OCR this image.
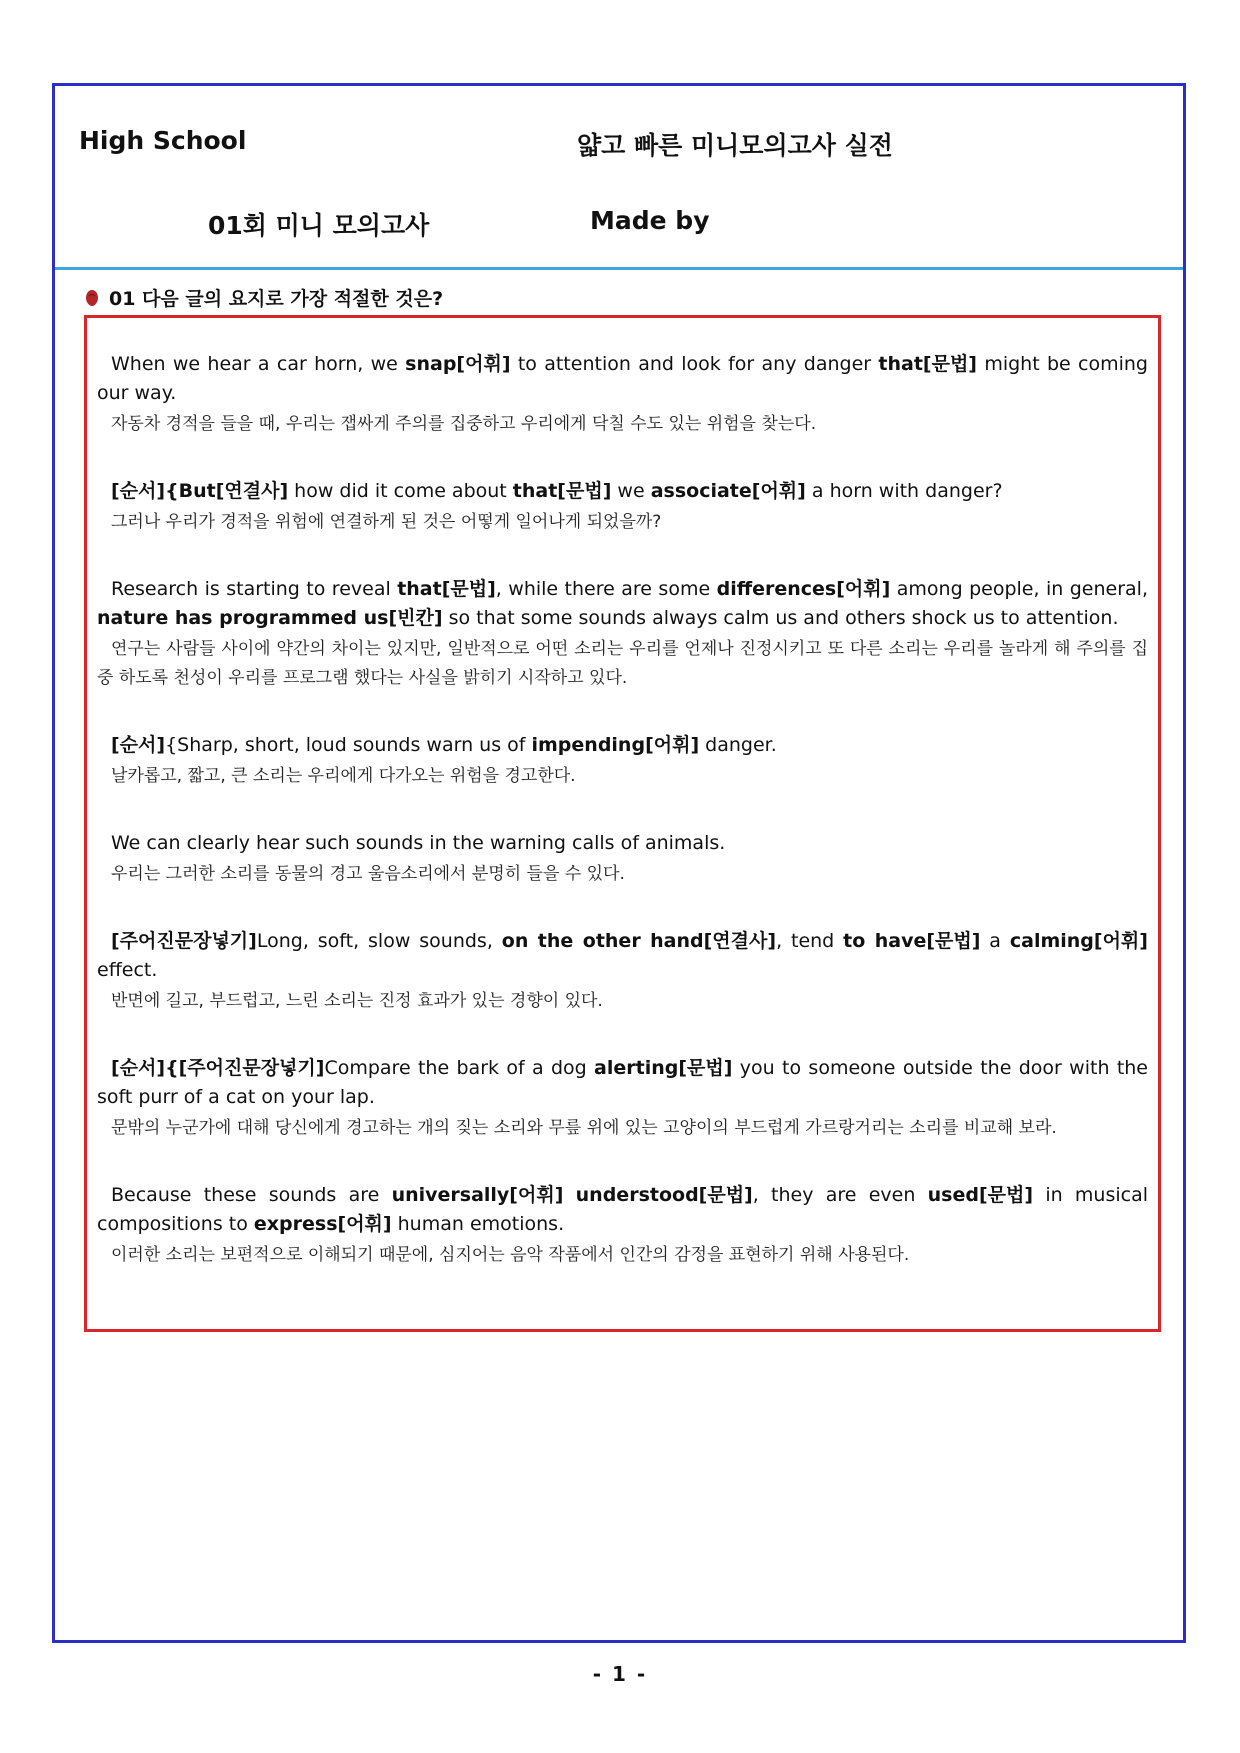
High School	얇고 빠른 미니모의고사 실전
01회 미니 모의고사	Made by
01 다음 글의 요지로 가장 적절한 것은?
When we hear a car horn, we snap[어휘] to attention and look for any danger that[문법] might be coming our way.
자동차 경적을 들을 때, 우리는 잽싸게 주의를 집중하고 우리에게 닥칠 수도 있는 위험을 찾는다.
[순서]{But[연결사] how did it come about that[문법] we associate[어휘] a horn with danger?
그러나 우리가 경적을 위험에 연결하게 된 것은 어떻게 일어나게 되었을까?
Research is starting to reveal that[문법], while there are some differences[어휘] among people, in general, nature has programmed us[빈칸] so that some sounds always calm us and others shock us to attention.
연구는 사람들 사이에 약간의 차이는 있지만, 일반적으로 어떤 소리는 우리를 언제나 진정시키고 또 다른 소리는 우리를 놀라게 해 주의를 집중 하도록 천성이 우리를 프로그램 했다는 사실을 밝히기 시작하고 있다.
[순서]{Sharp, short, loud sounds warn us of impending[어휘] danger.
날카롭고, 짧고, 큰 소리는 우리에게 다가오는 위험을 경고한다.
We can clearly hear such sounds in the warning calls of animals.
우리는 그러한 소리를 동물의 경고 울음소리에서 분명히 들을 수 있다.
[주어진문장넣기]Long, soft, slow sounds, on the other hand[연결사], tend to have[문법] a calming[어휘] effect.
반면에 길고, 부드럽고, 느린 소리는 진정 효과가 있는 경향이 있다.
[순서]{[주어진문장넣기]Compare the bark of a dog alerting[문법] you to someone outside the door with the soft purr of a cat on your lap.
문밖의 누군가에 대해 당신에게 경고하는 개의 짖는 소리와 무릎 위에 있는 고양이의 부드럽게 가르랑거리는 소리를 비교해 보라.
Because these sounds are universally[어휘] understood[문법], they are even used[문법] in musical compositions to express[어휘] human emotions.
이러한 소리는 보편적으로 이해되기 때문에, 심지어는 음악 작품에서 인간의 감정을 표현하기 위해 사용된다.
- 1 -
